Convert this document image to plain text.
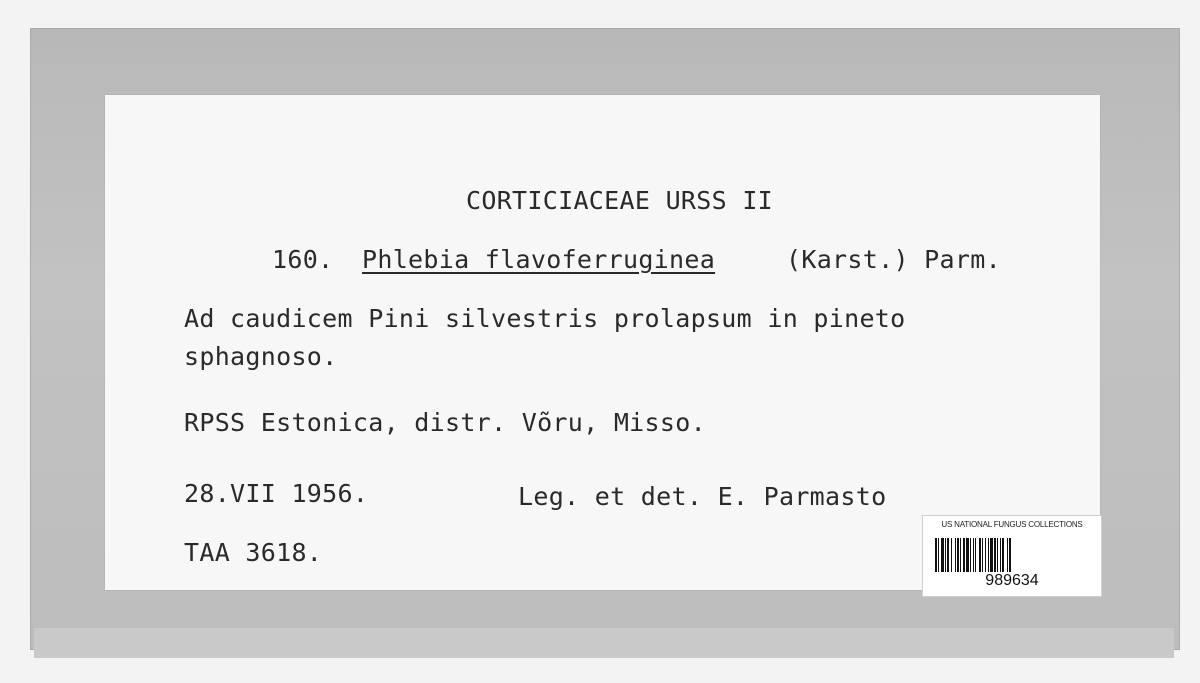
CORTICIACEAE URSS II
160. Phlebia flavoferruginea	(Karst.) Parm.
Ad caudicem Pini silvestris prolapsum in pineto
sphagnoso.
RPSS Estonica, distr. Võru, Misso.
28.VII 1956.	Leg. et det. E. Parmasto
TAA 3618.
US NATIONAL FUNGUS COLLECTIONS
989634
